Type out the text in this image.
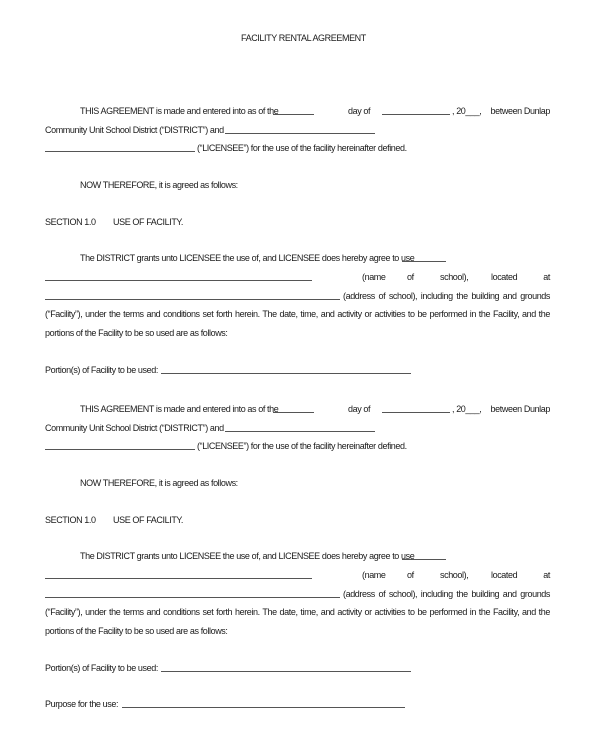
FACILITY RENTAL AGREEMENT
THIS AGREEMENT is made and entered into as of the	day of	, 20___,	between Dunlap
Community Unit School District (“DISTRICT”) and
(“LICENSEE”) for the use of the facility hereinafter defined.
NOW THEREFORE, it is agreed as follows:
SECTION 1.0 USE OF FACILITY.
The DISTRICT grants unto LICENSEE the use of, and LICENSEE does hereby agree to use
(name of	school),	located	at
(address of school), including the building and grounds
(“Facility”), under the terms and conditions set forth herein. The date, time, and activity or activities to be performed in the Facility, and the
portions of the Facility to be so used are as follows:
Portion(s) of Facility to be used:
THIS AGREEMENT is made and entered into as of the	day of	, 20___,	between Dunlap
Community Unit School District (“DISTRICT”) and
(“LICENSEE”) for the use of the facility hereinafter defined.
NOW THEREFORE, it is agreed as follows:
SECTION 1.0 USE OF FACILITY.
The DISTRICT grants unto LICENSEE the use of, and LICENSEE does hereby agree to use
(name of	school),	located	at
(address of school), including the building and grounds
(“Facility”), under the terms and conditions set forth herein. The date, time, and activity or activities to be performed in the Facility, and the
portions of the Facility to be so used are as follows:
Portion(s) of Facility to be used:
Purpose for the use:
